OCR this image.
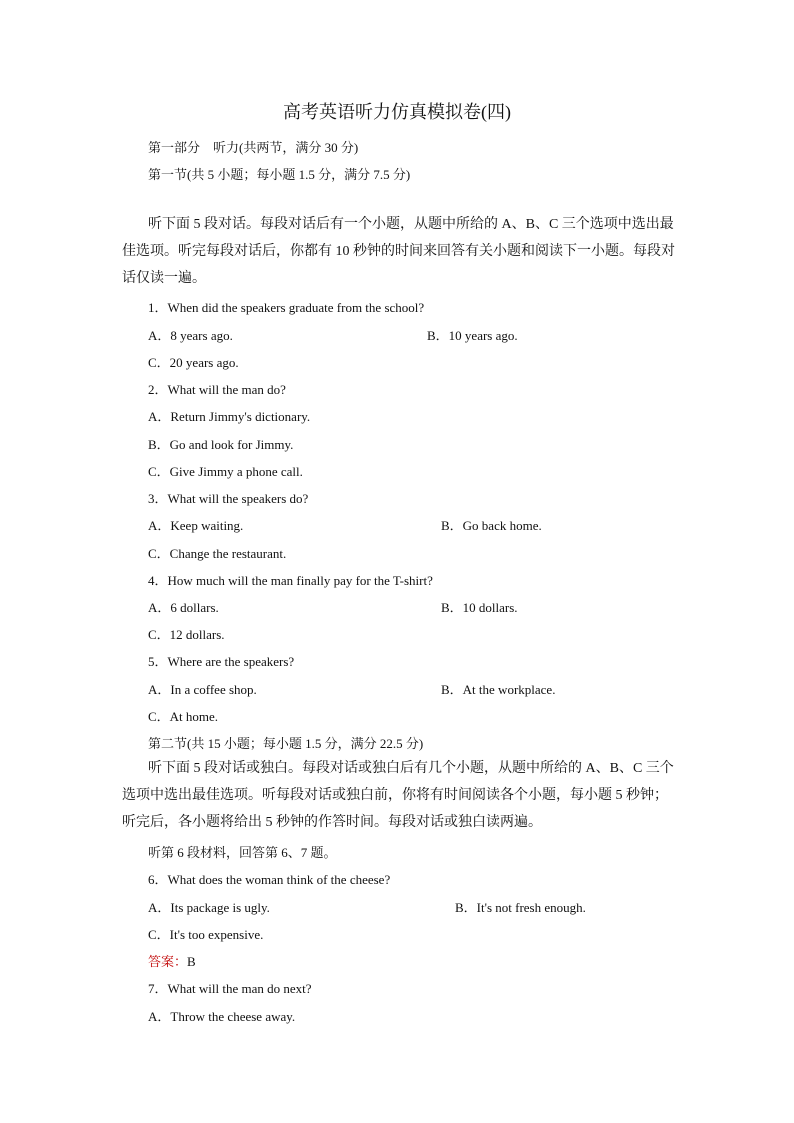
高考英语听力仿真模拟卷(四)
第一部分　听力(共两节，满分 30 分)
第一节(共 5 小题；每小题 1.5 分，满分 7.5 分)
听下面 5 段对话。每段对话后有一个小题，从题中所给的 A、B、C 三个选项中选出最佳选项。听完每段对话后，你都有 10 秒钟的时间来回答有关小题和阅读下一小题。每段对话仅读一遍。
1．When did the speakers graduate from the school?
A．8 years ago.	B．10 years ago.
C．20 years ago.
2．What will the man do?
A．Return Jimmy's dictionary.
B．Go and look for Jimmy.
C．Give Jimmy a phone call.
3．What will the speakers do?
A．Keep waiting.	B．Go back home.
C．Change the restaurant.
4．How much will the man finally pay for the T-shirt?
A．6 dollars.	B．10 dollars.
C．12 dollars.
5．Where are the speakers?
A．In a coffee shop.	B．At the workplace.
C．At home.
第二节(共 15 小题；每小题 1.5 分，满分 22.5 分)
听下面 5 段对话或独白。每段对话或独白后有几个小题，从题中所给的 A、B、C 三个选项中选出最佳选项。听每段对话或独白前，你将有时间阅读各个小题，每小题 5 秒钟；听完后，各小题将给出 5 秒钟的作答时间。每段对话或独白读两遍。
听第 6 段材料，回答第 6、7 题。
6．What does the woman think of the cheese?
A．Its package is ugly.	B．It's not fresh enough.
C．It's too expensive.
答案：B
7．What will the man do next?
A．Throw the cheese away.
